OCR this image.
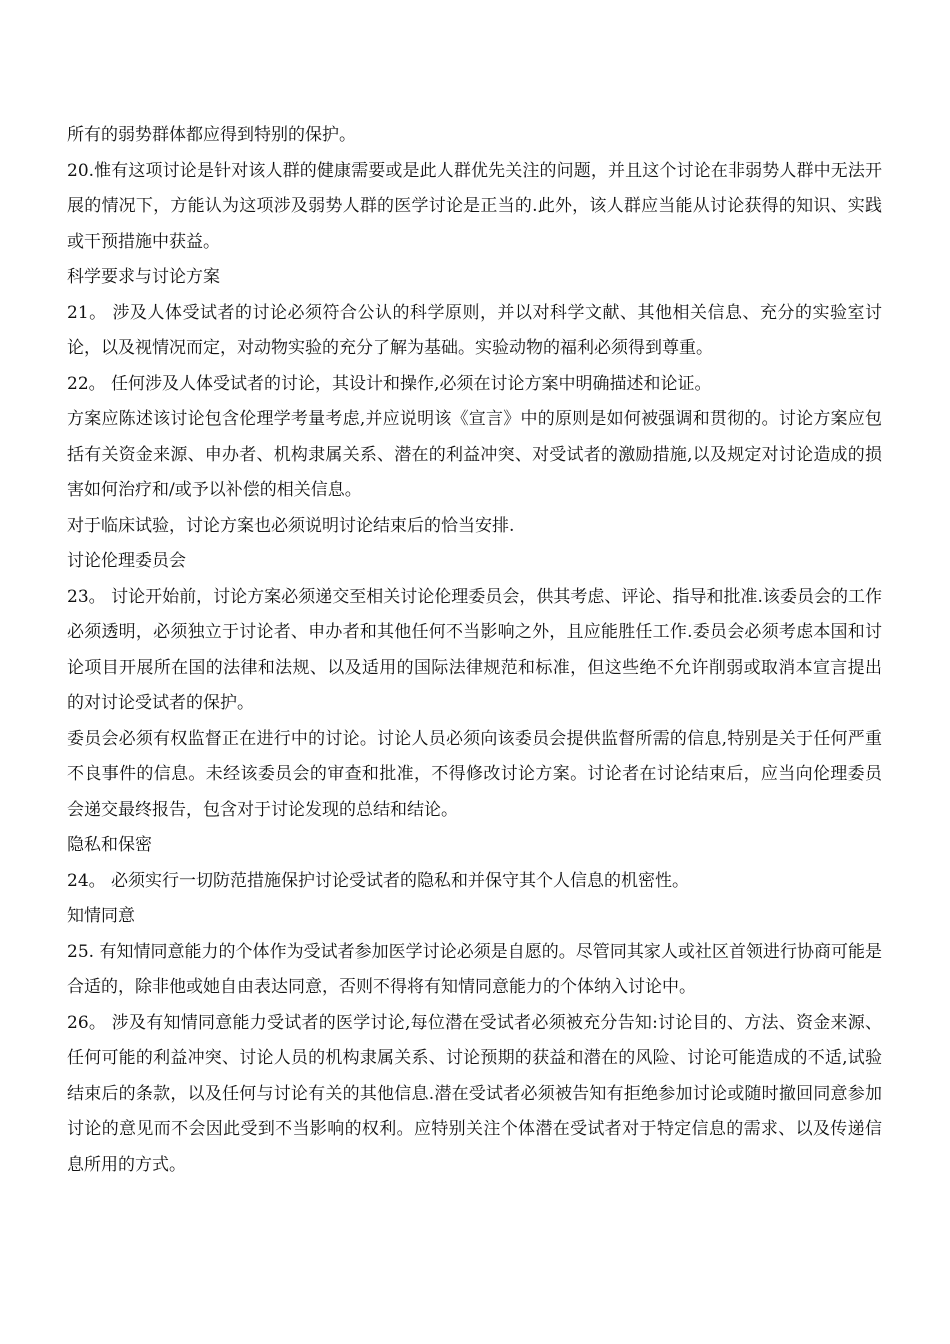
所有的弱势群体都应得到特别的保护。

20.惟有这项讨论是针对该人群的健康需要或是此人群优先关注的问题，并且这个讨论在非弱势人群中无法开展的情况下，方能认为这项涉及弱势人群的医学讨论是正当的.此外，该人群应当能从讨论获得的知识、实践或干预措施中获益。

科学要求与讨论方案

21。 涉及人体受试者的讨论必须符合公认的科学原则，并以对科学文献、其他相关信息、充分的实验室讨论，以及视情况而定，对动物实验的充分了解为基础。实验动物的福利必须得到尊重。

22。 任何涉及人体受试者的讨论，其设计和操作,必须在讨论方案中明确描述和论证。

方案应陈述该讨论包含伦理学考量考虑,并应说明该《宣言》中的原则是如何被强调和贯彻的。讨论方案应包括有关资金来源、申办者、机构隶属关系、潜在的利益冲突、对受试者的激励措施,以及规定对讨论造成的损害如何治疗和/或予以补偿的相关信息。

对于临床试验，讨论方案也必须说明讨论结束后的恰当安排.

讨论伦理委员会

23。 讨论开始前，讨论方案必须递交至相关讨论伦理委员会，供其考虑、评论、指导和批准.该委员会的工作必须透明，必须独立于讨论者、申办者和其他任何不当影响之外，且应能胜任工作.委员会必须考虑本国和讨论项目开展所在国的法律和法规、以及适用的国际法律规范和标准，但这些绝不允许削弱或取消本宣言提出的对讨论受试者的保护。

委员会必须有权监督正在进行中的讨论。讨论人员必须向该委员会提供监督所需的信息,特别是关于任何严重不良事件的信息。未经该委员会的审查和批准，不得修改讨论方案。讨论者在讨论结束后，应当向伦理委员会递交最终报告，包含对于讨论发现的总结和结论。

隐私和保密

24。 必须实行一切防范措施保护讨论受试者的隐私和并保守其个人信息的机密性。

知情同意

25. 有知情同意能力的个体作为受试者参加医学讨论必须是自愿的。尽管同其家人或社区首领进行协商可能是合适的，除非他或她自由表达同意，否则不得将有知情同意能力的个体纳入讨论中。

26。 涉及有知情同意能力受试者的医学讨论,每位潜在受试者必须被充分告知:讨论目的、方法、资金来源、任何可能的利益冲突、讨论人员的机构隶属关系、讨论预期的获益和潜在的风险、讨论可能造成的不适,试验结束后的条款，以及任何与讨论有关的其他信息.潜在受试者必须被告知有拒绝参加讨论或随时撤回同意参加讨论的意见而不会因此受到不当影响的权利。应特别关注个体潜在受试者对于特定信息的需求、以及传递信息所用的方式。
